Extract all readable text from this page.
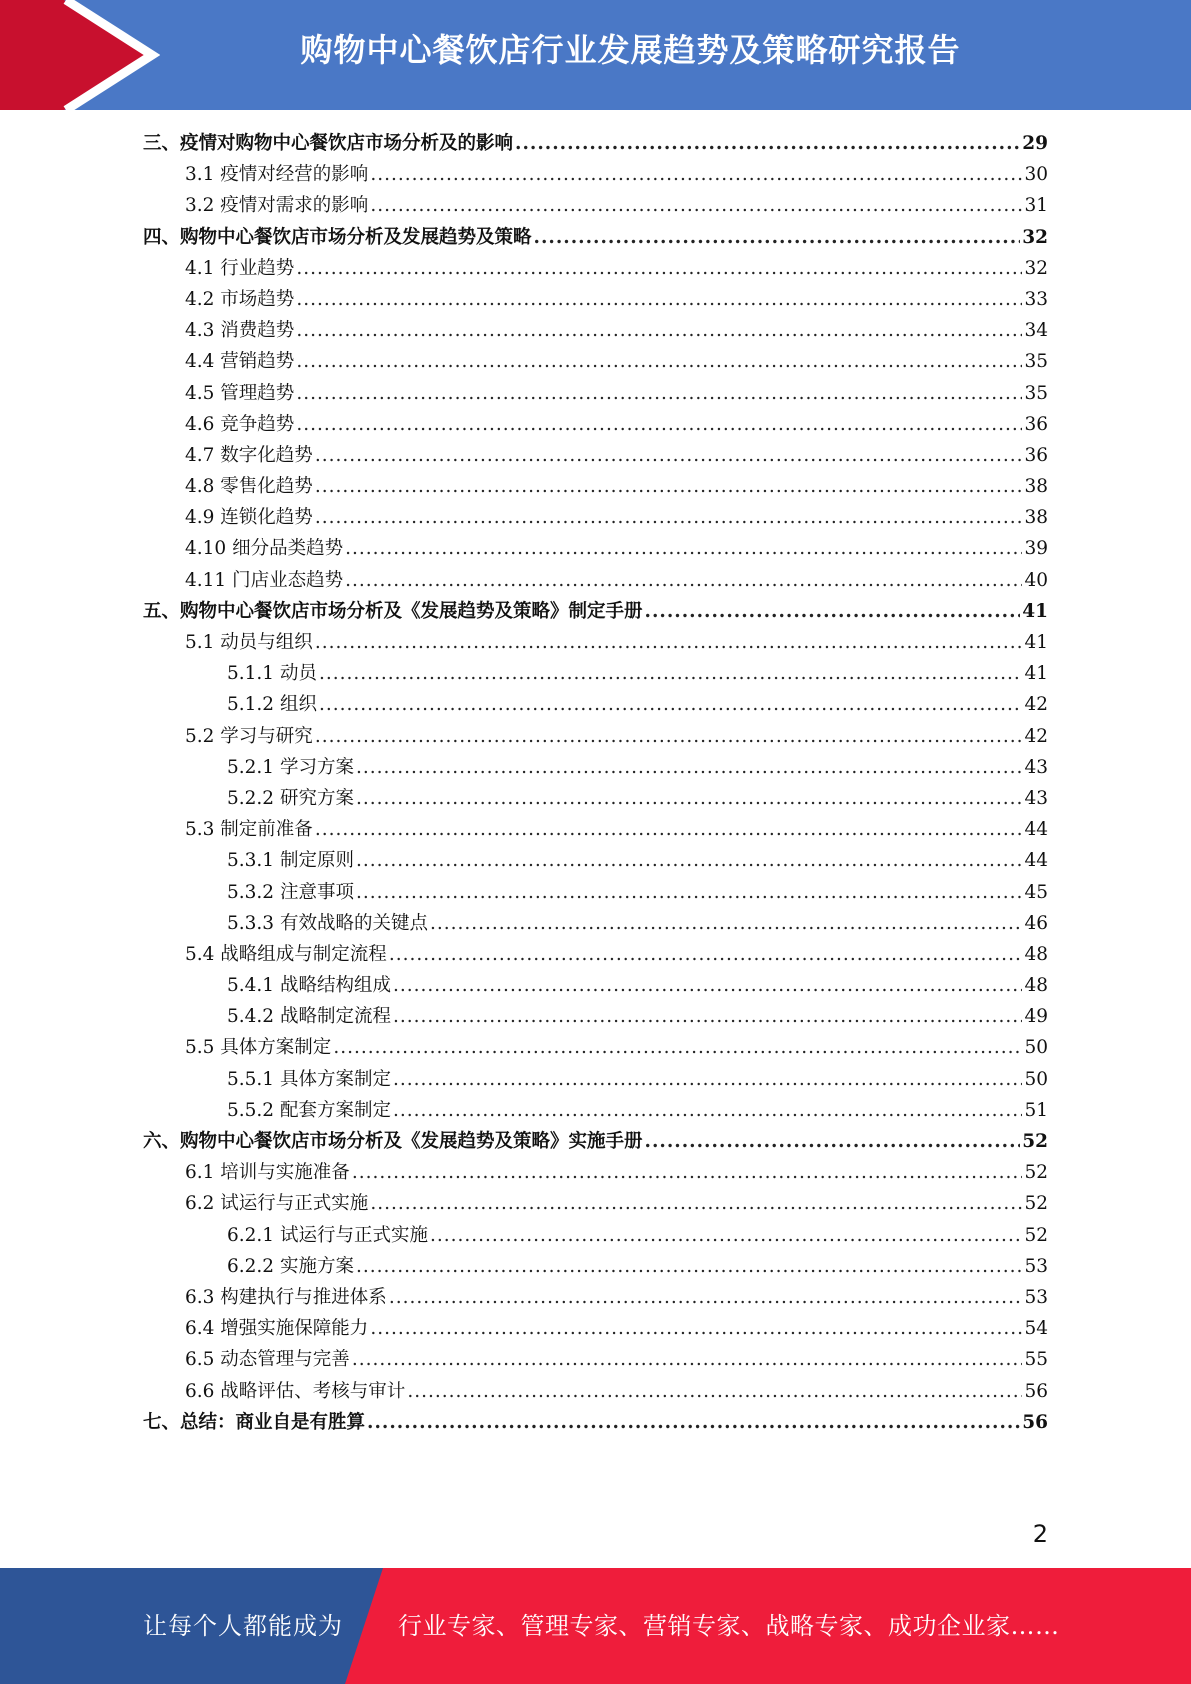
购物中心餐饮店行业发展趋势及策略研究报告
三、疫情对购物中心餐饮店市场分析及的影响 .....	29
3.1 疫情对经营的影响 .....	30
3.2 疫情对需求的影响 .....	31
四、购物中心餐饮店市场分析及发展趋势及策略 .....	32
4.1 行业趋势 .....	32
4.2 市场趋势 .....	33
4.3 消费趋势 .....	34
4.4 营销趋势 .....	35
4.5 管理趋势 .....	35
4.6 竞争趋势 .....	36
4.7 数字化趋势 .....	36
4.8 零售化趋势 .....	38
4.9 连锁化趋势 .....	38
4.10 细分品类趋势 .....	39
4.11 门店业态趋势 .....	40
五、购物中心餐饮店市场分析及《发展趋势及策略》制定手册 .....	41
5.1 动员与组织 .....	41
5.1.1 动员 .....	41
5.1.2 组织 .....	42
5.2 学习与研究 .....	42
5.2.1 学习方案 .....	43
5.2.2 研究方案 .....	43
5.3 制定前准备 .....	44
5.3.1 制定原则 .....	44
5.3.2 注意事项 .....	45
5.3.3 有效战略的关键点 .....	46
5.4 战略组成与制定流程 .....	48
5.4.1 战略结构组成 .....	48
5.4.2 战略制定流程 .....	49
5.5 具体方案制定 .....	50
5.5.1 具体方案制定 .....	50
5.5.2 配套方案制定 .....	51
六、购物中心餐饮店市场分析及《发展趋势及策略》实施手册 .....	52
6.1 培训与实施准备 .....	52
6.2 试运行与正式实施 .....	52
6.2.1 试运行与正式实施 .....	52
6.2.2 实施方案 .....	53
6.3 构建执行与推进体系 .....	53
6.4 增强实施保障能力 .....	54
6.5 动态管理与完善 .....	55
6.6 战略评估、考核与审计 .....	56
七、总结：商业自是有胜算 .....	56
2
让每个人都能成为 行业专家、管理专家、营销专家、战略专家、成功企业家……
